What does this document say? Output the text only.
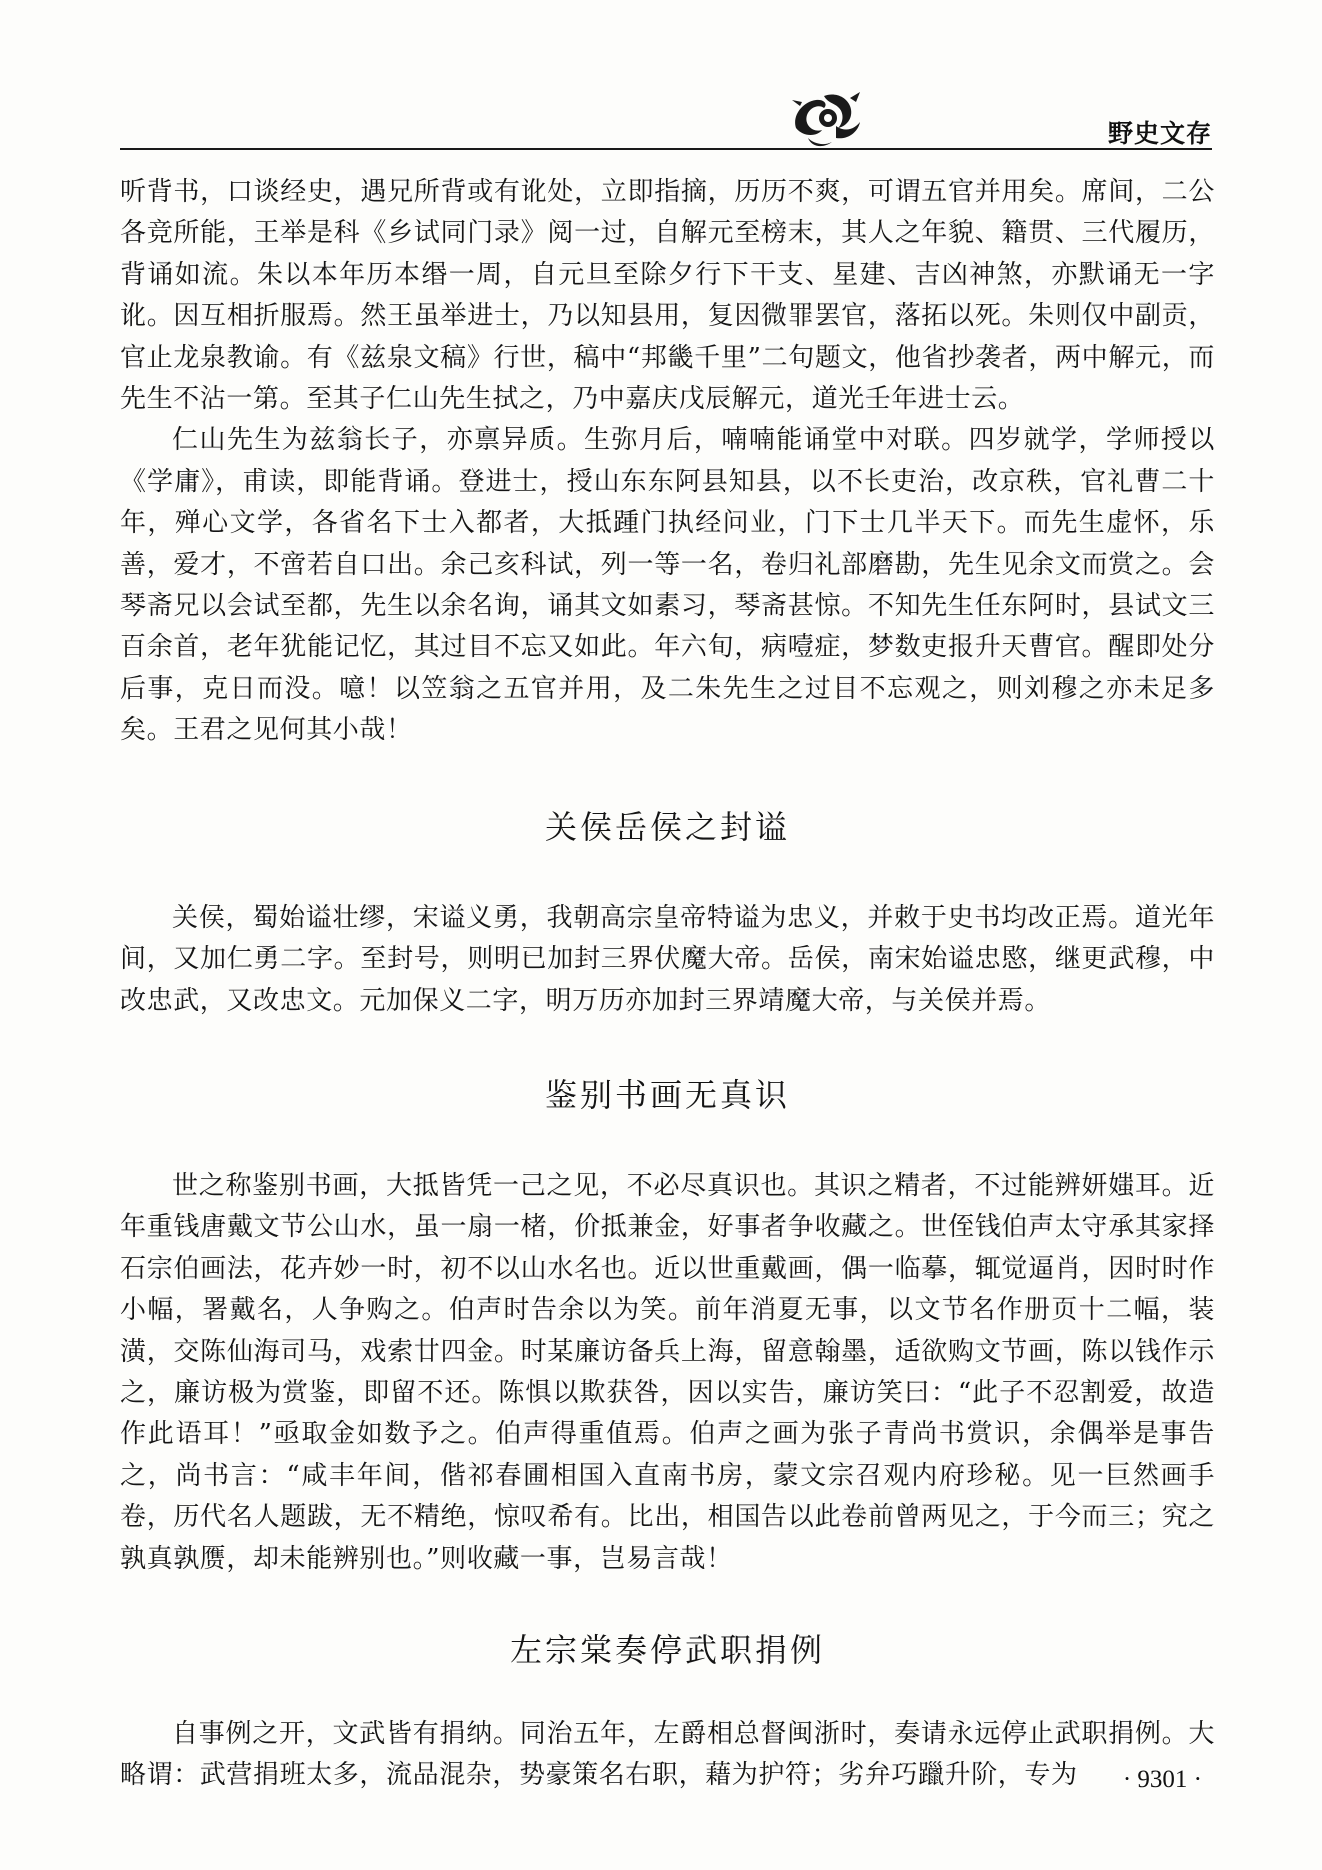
野史文存

听背书，口谈经史，遇兄所背或有讹处，立即指摘，历历不爽，可谓五官并用矣。席间，二公各竞所能，王举是科《乡试同门录》阅一过，自解元至榜末，其人之年貌、籍贯、三代履历，背诵如流。朱以本年历本缗一周，自元旦至除夕行下干支、星建、吉凶神煞，亦默诵无一字讹。因互相折服焉。然王虽举进士，乃以知县用，复因微罪罢官，落拓以死。朱则仅中副贡，官止龙泉教谕。有《兹泉文稿》行世，稿中“邦畿千里”二句题文，他省抄袭者，两中解元，而先生不沾一第。至其子仁山先生拭之，乃中嘉庆戊辰解元，道光壬年进士云。

仁山先生为兹翁长子，亦禀异质。生弥月后，喃喃能诵堂中对联。四岁就学，学师授以《学庸》，甫读，即能背诵。登进士，授山东东阿县知县，以不长吏治，改京秩，官礼曹二十年，殚心文学，各省名下士入都者，大抵踵门执经问业，门下士几半天下。而先生虚怀，乐善，爱才，不啻若自口出。余己亥科试，列一等一名，卷归礼部磨勘，先生见余文而赏之。会琴斋兄以会试至都，先生以余名询，诵其文如素习，琴斋甚惊。不知先生任东阿时，县试文三百余首，老年犹能记忆，其过目不忘又如此。年六旬，病噎症，梦数吏报升天曹官。醒即处分后事，克日而没。噫！以笠翁之五官并用，及二朱先生之过目不忘观之，则刘穆之亦未足多矣。王君之见何其小哉！

关侯岳侯之封谥

关侯，蜀始谥壮缪，宋谥义勇，我朝高宗皇帝特谥为忠义，并敕于史书均改正焉。道光年间，又加仁勇二字。至封号，则明已加封三界伏魔大帝。岳侯，南宋始谥忠愍，继更武穆，中改忠武，又改忠文。元加保义二字，明万历亦加封三界靖魔大帝，与关侯并焉。

鉴别书画无真识

世之称鉴别书画，大抵皆凭一己之见，不必尽真识也。其识之精者，不过能辨妍媸耳。近年重钱唐戴文节公山水，虽一扇一楮，价抵兼金，好事者争收藏之。世侄钱伯声太守承其家择石宗伯画法，花卉妙一时，初不以山水名也。近以世重戴画，偶一临摹，辄觉逼肖，因时时作小幅，署戴名，人争购之。伯声时告余以为笑。前年消夏无事，以文节名作册页十二幅，装潢，交陈仙海司马，戏索廿四金。时某廉访备兵上海，留意翰墨，适欲购文节画，陈以钱作示之，廉访极为赏鉴，即留不还。陈惧以欺获咎，因以实告，廉访笑曰：“此子不忍割爱，故造作此语耳！”亟取金如数予之。伯声得重值焉。伯声之画为张子青尚书赏识，余偶举是事告之，尚书言：“咸丰年间，偕祁春圃相国入直南书房，蒙文宗召观内府珍秘。见一巨然画手卷，历代名人题跋，无不精绝，惊叹希有。比出，相国告以此卷前曾两见之，于今而三；究之孰真孰赝，却未能辨别也。”则收藏一事，岂易言哉！

左宗棠奏停武职捐例

自事例之开，文武皆有捐纳。同治五年，左爵相总督闽浙时，奏请永远停止武职捐例。大略谓：武营捐班太多，流品混杂，势豪策名右职，藉为护符；劣弁巧躐升阶，专为	· 9301 ·
